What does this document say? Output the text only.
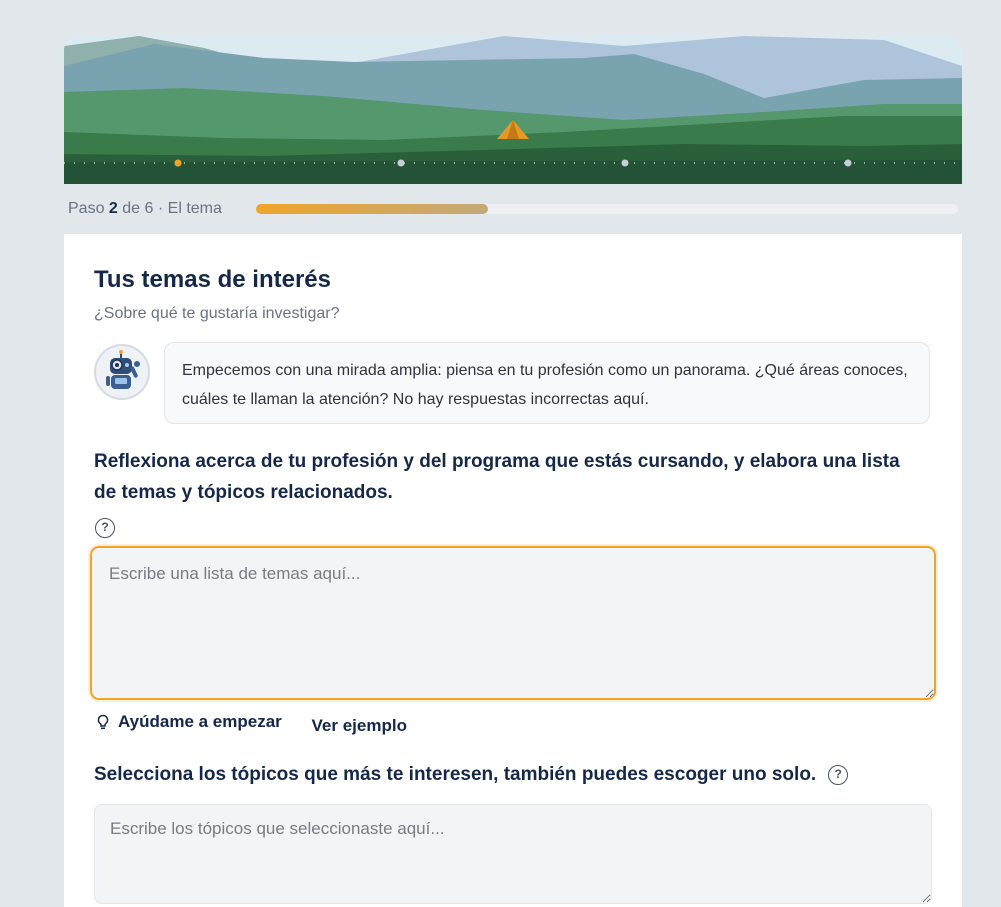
Paso 2 de 6 · El tema
Tus temas de interés
¿Sobre qué te gustaría investigar?
Empecemos con una mirada amplia: piensa en tu profesión como un panorama. ¿Qué áreas conoces, cuáles te llaman la atención? No hay respuestas incorrectas aquí.
Reflexiona acerca de tu profesión y del programa que estás cursando, y elabora una lista de temas y tópicos relacionados.
?
Escribe una lista de temas aquí...
Ayúdame a empezar
Ver ejemplo
Selecciona los tópicos que más te interesen, también puedes escoger uno solo.	?
Escribe los tópicos que seleccionaste aquí...
